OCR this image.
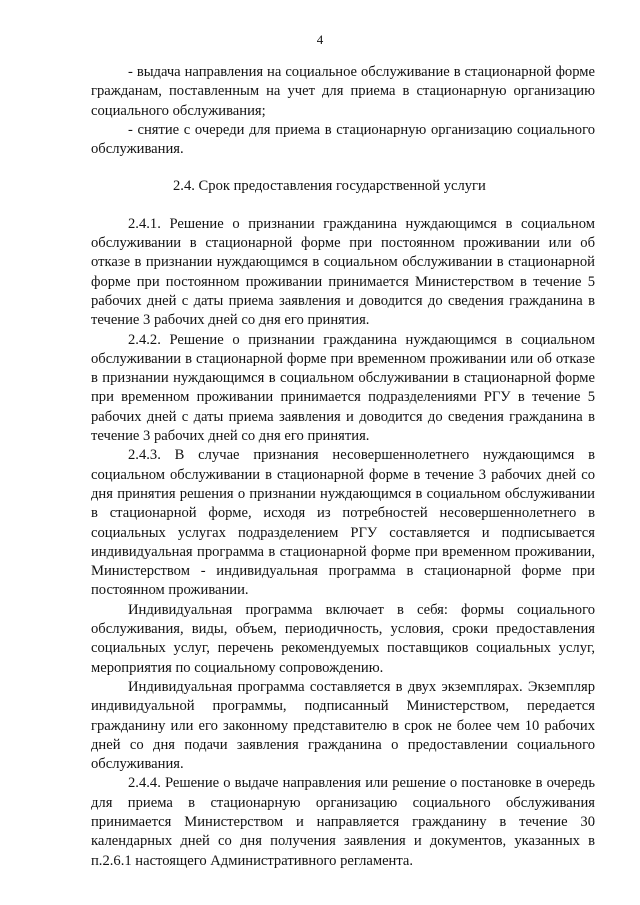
4

- выдача направления на социальное обслуживание в стационарной форме гражданам, поставленным на учет для приема в стационарную организацию социального обслуживания;

- снятие с очереди для приема в стационарную организацию социального обслуживания.

2.4. Срок предоставления государственной услуги

2.4.1. Решение о признании гражданина нуждающимся в социальном обслуживании в стационарной форме при постоянном проживании или об отказе в признании нуждающимся в социальном обслуживании в стационарной форме при постоянном проживании принимается Министерством в течение 5 рабочих дней с даты приема заявления и доводится до сведения гражданина в течение 3 рабочих дней со дня его принятия.

2.4.2. Решение о признании гражданина нуждающимся в социальном обслуживании в стационарной форме при временном проживании или об отказе в признании нуждающимся в социальном обслуживании в стационарной форме при временном проживании принимается подразделениями РГУ в течение 5 рабочих дней с даты приема заявления и доводится до сведения гражданина в течение 3 рабочих дней со дня его принятия.

2.4.3. В случае признания несовершеннолетнего нуждающимся в социальном обслуживании в стационарной форме в течение 3 рабочих дней со дня принятия решения о признании нуждающимся в социальном обслуживании в стационарной форме, исходя из потребностей несовершеннолетнего в социальных услугах подразделением РГУ составляется и подписывается индивидуальная программа в стационарной форме при временном проживании, Министерством - индивидуальная программа в стационарной форме при постоянном проживании.

Индивидуальная программа включает в себя: формы социального обслуживания, виды, объем, периодичность, условия, сроки предоставления социальных услуг, перечень рекомендуемых поставщиков социальных услуг, мероприятия по социальному сопровождению.

Индивидуальная программа составляется в двух экземплярах. Экземпляр индивидуальной программы, подписанный Министерством, передается гражданину или его законному представителю в срок не более чем 10 рабочих дней со дня подачи заявления гражданина о предоставлении социального обслуживания.

2.4.4. Решение о выдаче направления или решение о постановке в очередь для приема в стационарную организацию социального обслуживания принимается Министерством и направляется гражданину в течение 30 календарных дней со дня получения заявления и документов, указанных в п.2.6.1 настоящего Административного регламента.
